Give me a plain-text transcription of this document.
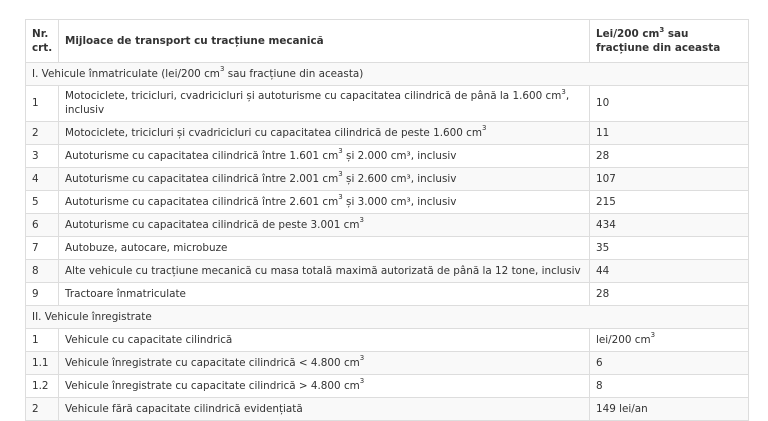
Nr. crt.	Mijloace de transport cu tracțiune mecanică	Lei/200 $cm^3$ sau fracțiune din aceasta
I. Vehicule înmatriculate (lei/200 $cm^3$ sau fracțiune din aceasta)		
1	Motociclete, tricicluri, cvadricicluri și autoturisme cu capacitatea cilindrică de până la 1.600 $cm^3$, inclusiv	10
2	Motociclete, tricicluri și cvadricicluri cu capacitatea cilindrică de peste 1.600 $cm^3$	11
3	Autoturisme cu capacitatea cilindrică între 1.601 $cm^3$ și 2.000 cm³, inclusiv	28
4	Autoturisme cu capacitatea cilindrică între 2.001 $cm^3$ și 2.600 cm³, inclusiv	107
5	Autoturisme cu capacitatea cilindrică între 2.601 $cm^3$ și 3.000 cm³, inclusiv	215
6	Autoturisme cu capacitatea cilindrică de peste 3.001 $cm^3$	434
7	Autobuze, autocare, microbuze	35
8	Alte vehicule cu tracțiune mecanică cu masa totală maximă autorizată de până la 12 tone, inclusiv	44
9	Tractoare înmatriculate	28
II. Vehicule înregistrate		
1	Vehicule cu capacitate cilindrică	lei/200 $cm^3$
1.1	Vehicule înregistrate cu capacitate cilindrică < 4.800 $cm^3$	6
1.2	Vehicule înregistrate cu capacitate cilindrică > 4.800 $cm^3$	8
2	Vehicule fără capacitate cilindrică evidențiată	149 lei/an
